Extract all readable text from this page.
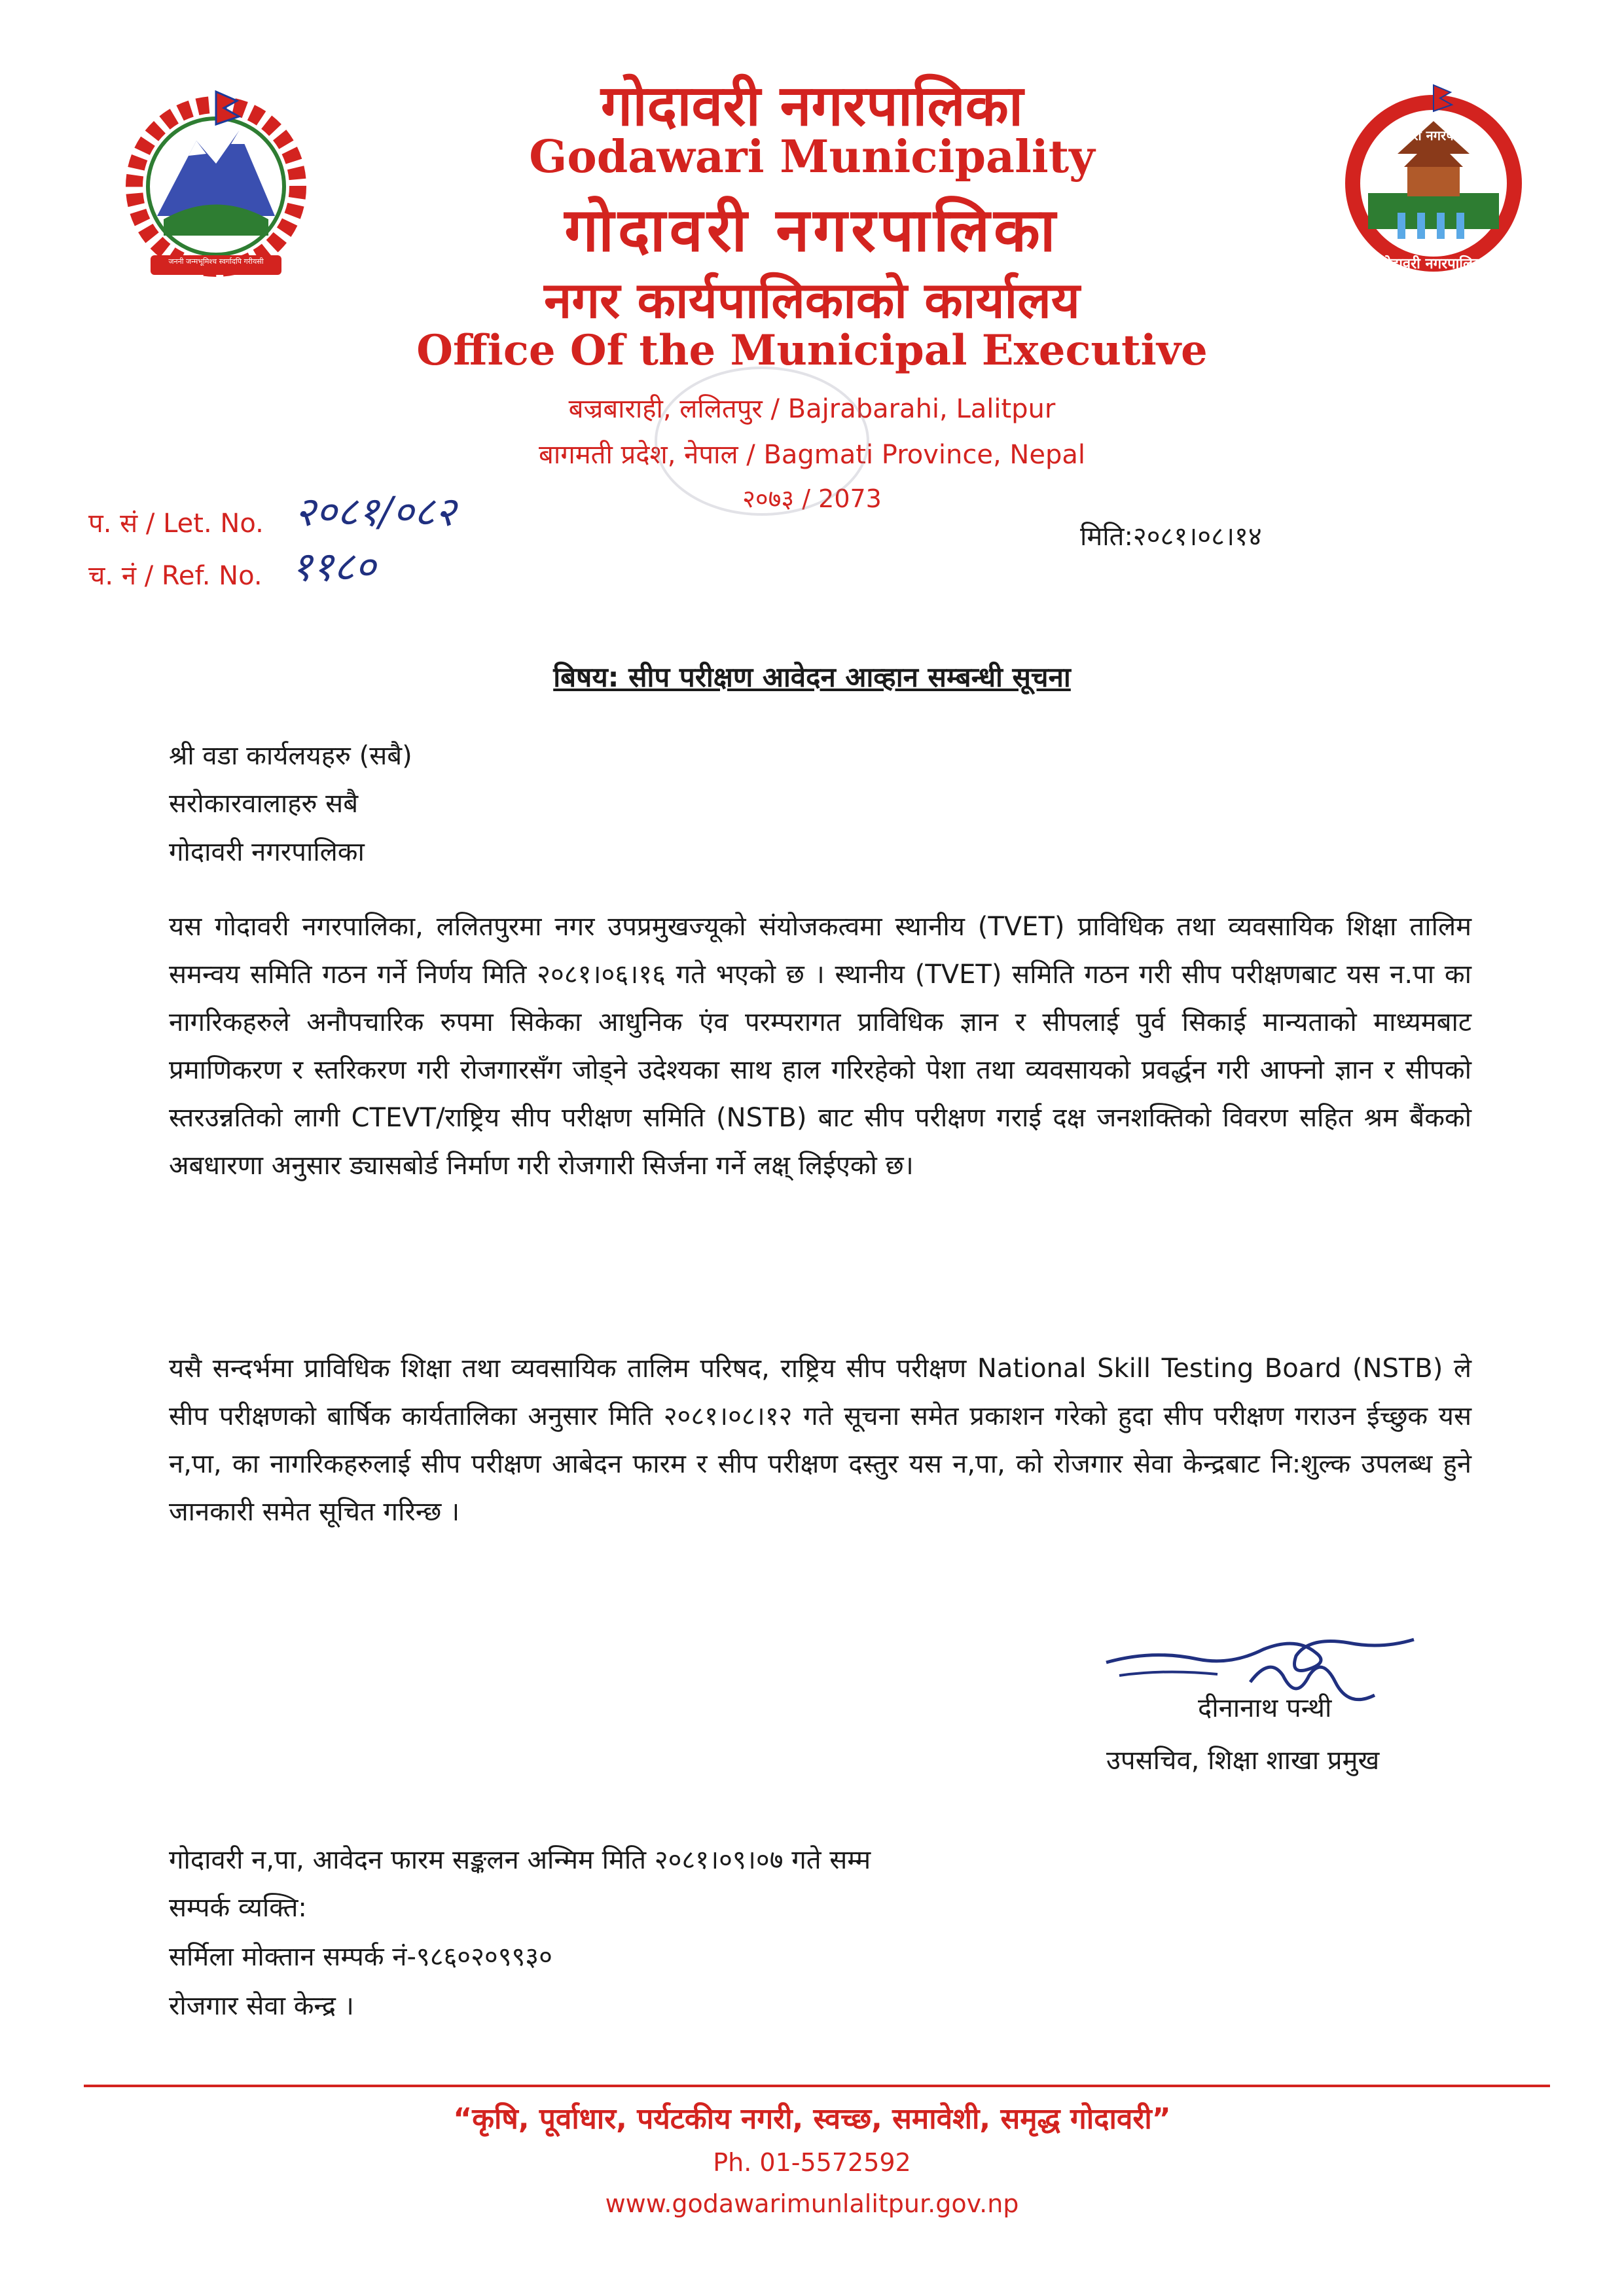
जननी जन्मभूमिश्च स्वर्गादपि गरीयसी
गोदावरी नगरपालिका
गोदावरी नगरपालिका
गोदावरी नगरपालिका
Godawari Municipality
गोदावरी नगरपालिका
नगर कार्यपालिकाको कार्यालय
Office Of the Municipal Executive
बज्रबाराही, ललितपुर / Bajrabarahi, Lalitpur
बागमती प्रदेश, नेपाल / Bagmati Province, Nepal
२०७३ / 2073
प. सं / Let. No. २०८१/०८२
च. नं / Ref. No. ११८०
मिति:२०८१।०८।१४
बिषय: सीप परीक्षण आवेदन आव्हान सम्बन्धी सूचना
श्री वडा कार्यलयहरु (सबै)
सरोकारवालाहरु सबै
गोदावरी नगरपालिका
यस गोदावरी नगरपालिका, ललितपुरमा नगर उपप्रमुखज्यूको संयोजकत्वमा स्थानीय (TVET) प्राविधिक तथा व्यवसायिक शिक्षा तालिम समन्वय समिति गठन गर्ने निर्णय मिति २०८१।०६।१६ गते भएको छ । स्थानीय (TVET) समिति गठन गरी सीप परीक्षणबाट यस न.पा का नागरिकहरुले अनौपचारिक रुपमा सिकेका आधुनिक एंव परम्परागत प्राविधिक ज्ञान र सीपलाई पुर्व सिकाई मान्यताको माध्यमबाट प्रमाणिकरण र स्तरिकरण गरी रोजगारसँग जोड्ने उदेश्यका साथ हाल गरिरहेको पेशा तथा व्यवसायको प्रवर्द्धन गरी आफ्नो ज्ञान र सीपको स्तरउन्नतिको लागी CTEVT/राष्ट्रिय सीप परीक्षण समिति (NSTB) बाट सीप परीक्षण गराई दक्ष जनशक्तिको विवरण सहित श्रम बैंकको अबधारणा अनुसार ड्यासबोर्ड निर्माण गरी रोजगारी सिर्जना गर्ने लक्ष् लिईएको छ।
यसै सन्दर्भमा प्राविधिक शिक्षा तथा व्यवसायिक तालिम परिषद, राष्ट्रिय सीप परीक्षण National Skill Testing Board (NSTB) ले सीप परीक्षणको बार्षिक कार्यतालिका अनुसार मिति २०८१।०८।१२ गते सूचना समेत प्रकाशन गरेको हुदा सीप परीक्षण गराउन ईच्छुक यस न,पा, का नागरिकहरुलाई सीप परीक्षण आबेदन फारम र सीप परीक्षण दस्तुर यस न,पा, को रोजगार सेवा केन्द्रबाट नि:शुल्क उपलब्ध हुने जानकारी समेत सूचित गरिन्छ ।
दीनानाथ पन्थी
उपसचिव, शिक्षा शाखा प्रमुख
गोदावरी न,पा, आवेदन फारम सङ्कलन अन्मिम मिति २०८१।०९।०७ गते सम्म
सम्पर्क व्यक्ति:
सर्मिला मोक्तान सम्पर्क नं-९८६०२०९९३०
रोजगार सेवा केन्द्र ।
“कृषि, पूर्वाधार, पर्यटकीय नगरी, स्वच्छ, समावेशी, समृद्ध गोदावरी”
Ph. 01-5572592
www.godawarimunlalitpur.gov.np
